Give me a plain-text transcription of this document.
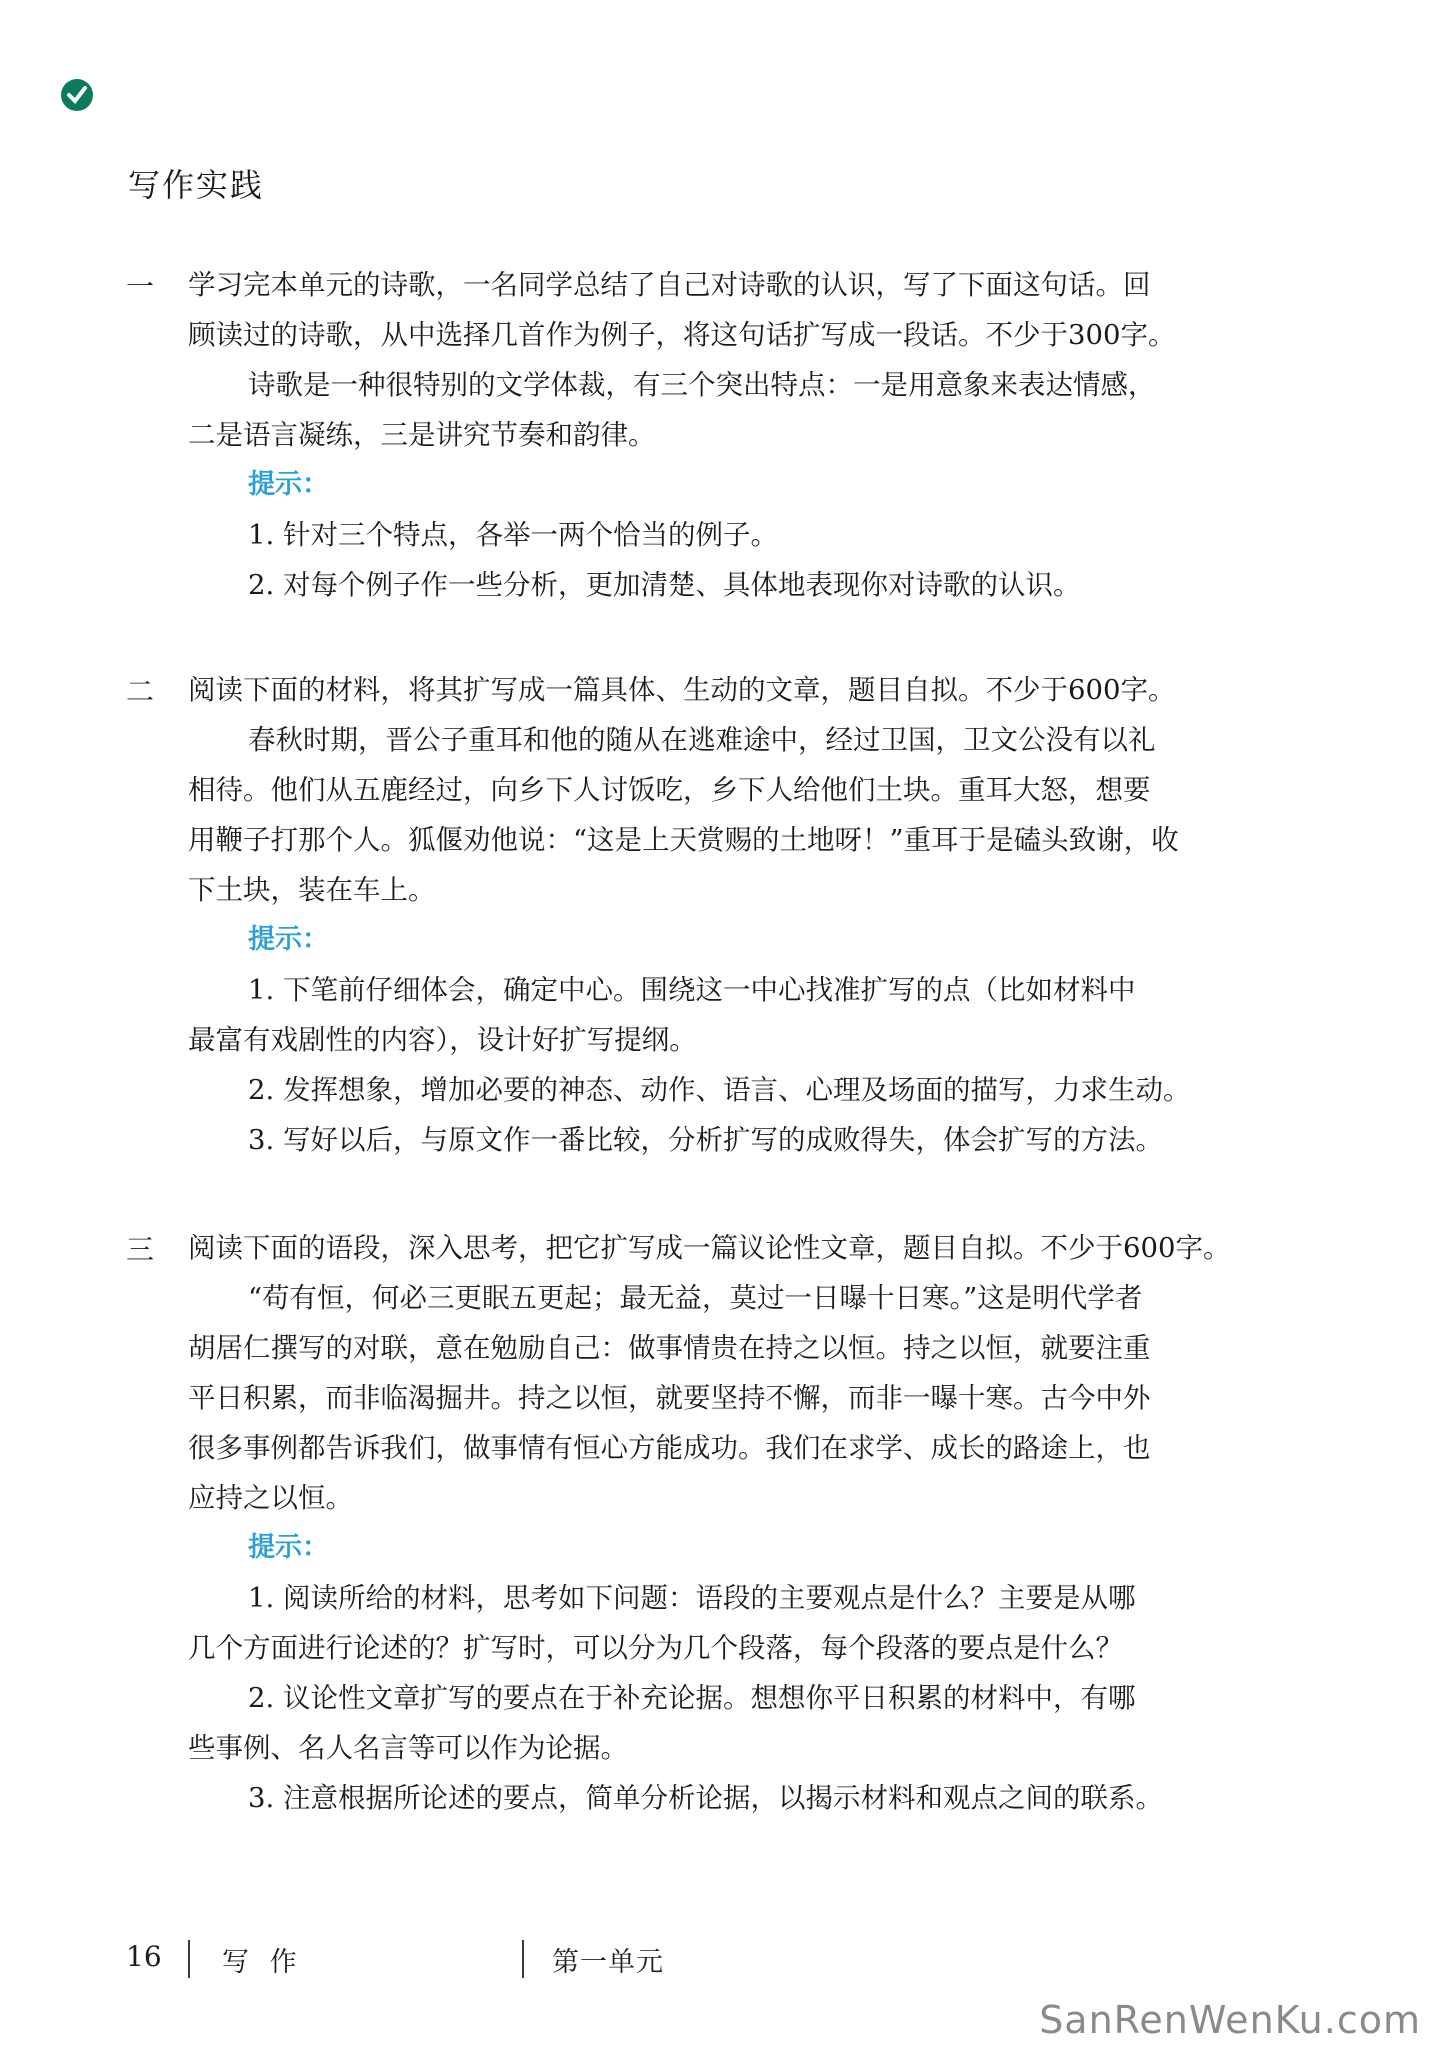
写作实践
一 学习完本单元的诗歌，一名同学总结了自己对诗歌的认识，写了下面这句话。回
顾读过的诗歌，从中选择几首作为例子，将这句话扩写成一段话。不少于300字。
诗歌是一种很特别的文学体裁，有三个突出特点：一是用意象来表达情感，
二是语言凝练，三是讲究节奏和韵律。
提示：
1. 针对三个特点，各举一两个恰当的例子。
2. 对每个例子作一些分析，更加清楚、具体地表现你对诗歌的认识。
二 阅读下面的材料，将其扩写成一篇具体、生动的文章，题目自拟。不少于600字。
春秋时期，晋公子重耳和他的随从在逃难途中，经过卫国，卫文公没有以礼
相待。他们从五鹿经过，向乡下人讨饭吃，乡下人给他们土块。重耳大怒，想要
用鞭子打那个人。狐偃劝他说：“这是上天赏赐的土地呀！”重耳于是磕头致谢，收
下土块，装在车上。
提示：
1. 下笔前仔细体会，确定中心。围绕这一中心找准扩写的点（比如材料中
最富有戏剧性的内容），设计好扩写提纲。
2. 发挥想象，增加必要的神态、动作、语言、心理及场面的描写，力求生动。
3. 写好以后，与原文作一番比较，分析扩写的成败得失，体会扩写的方法。
三 阅读下面的语段，深入思考，把它扩写成一篇议论性文章，题目自拟。不少于600字。
“苟有恒，何必三更眠五更起；最无益，莫过一日曝十日寒。”这是明代学者
胡居仁撰写的对联，意在勉励自己：做事情贵在持之以恒。持之以恒，就要注重
平日积累，而非临渴掘井。持之以恒，就要坚持不懈，而非一曝十寒。古今中外
很多事例都告诉我们，做事情有恒心方能成功。我们在求学、成长的路途上，也
应持之以恒。
提示：
1. 阅读所给的材料，思考如下问题：语段的主要观点是什么？主要是从哪
几个方面进行论述的？扩写时，可以分为几个段落，每个段落的要点是什么？
2. 议论性文章扩写的要点在于补充论据。想想你平日积累的材料中，有哪
些事例、名人名言等可以作为论据。
3. 注意根据所论述的要点，简单分析论据，以揭示材料和观点之间的联系。
16 写 作	第一单元
SanRenWenKu.com
